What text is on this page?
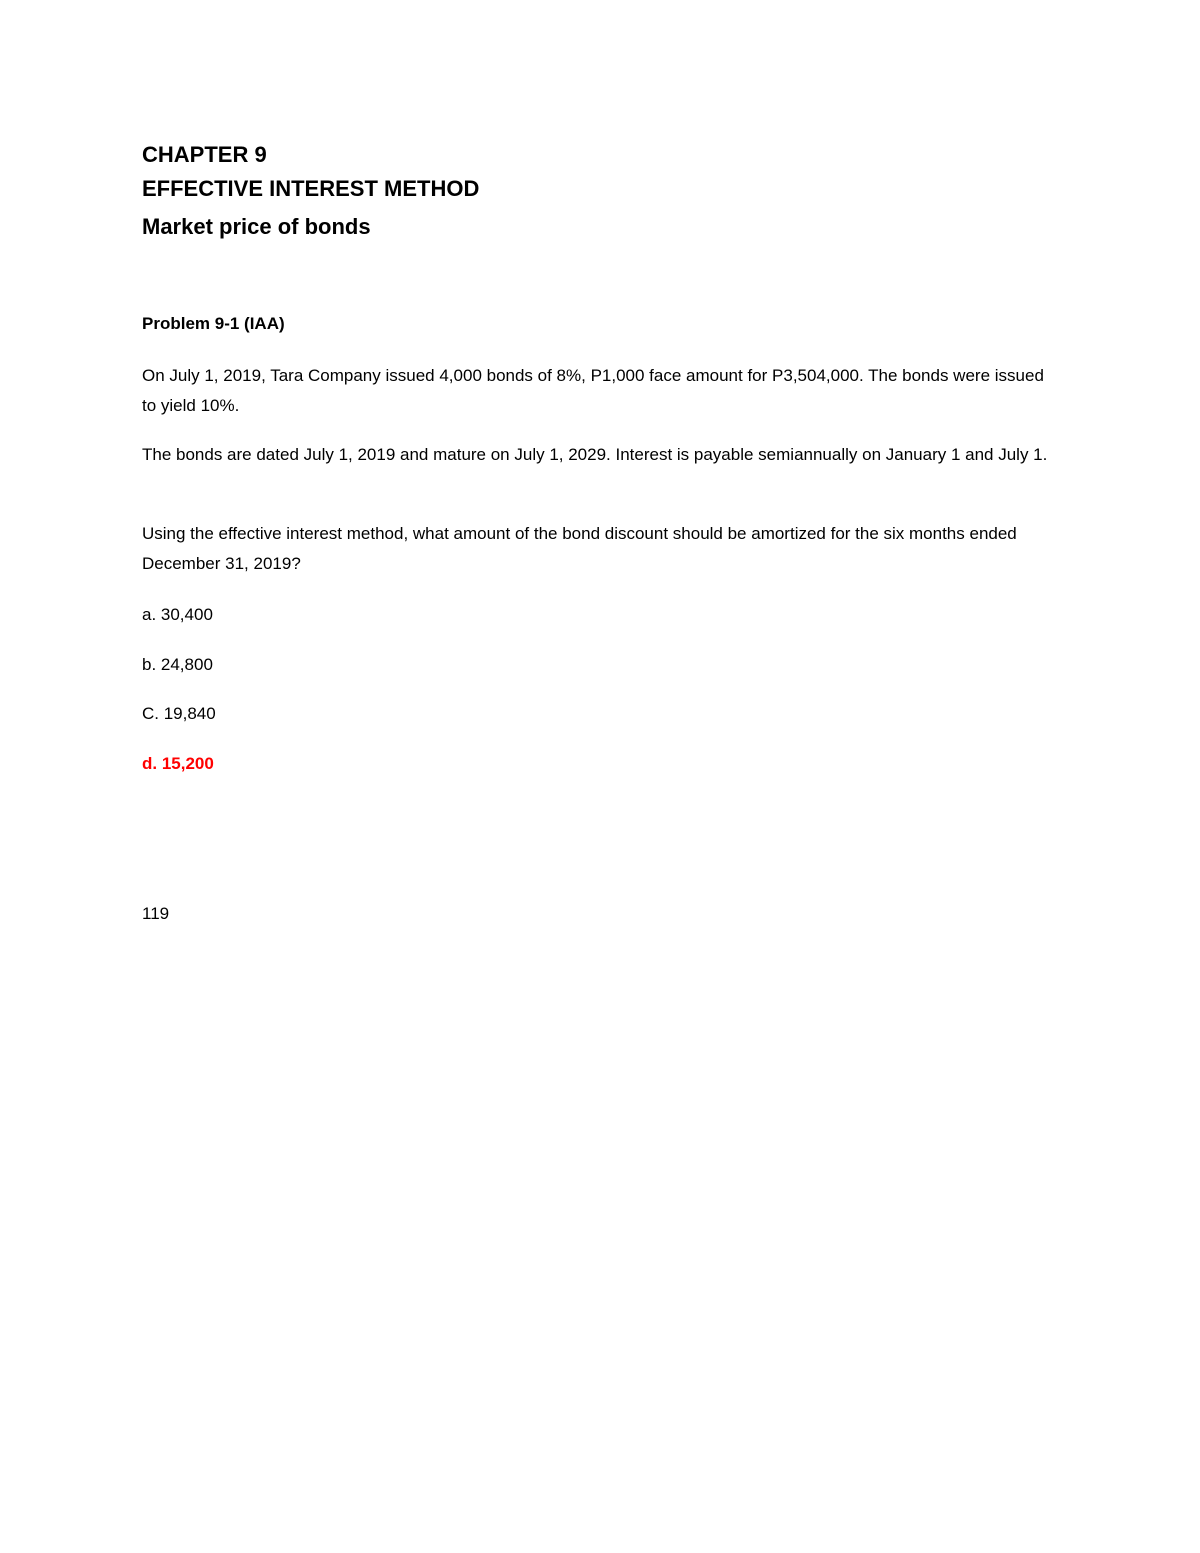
CHAPTER 9
EFFECTIVE INTEREST METHOD
Market price of bonds
Problem 9-1 (IAA)

On July 1, 2019, Tara Company issued 4,000 bonds of 8%, P1,000 face amount for P3,504,000. The bonds were issued to yield 10%.

The bonds are dated July 1, 2019 and mature on July 1, 2029. Interest is payable semiannually on January 1 and July 1.

Using the effective interest method, what amount of the bond discount should be amortized for the six months ended December 31, 2019?

a. 30,400
b. 24,800
C. 19,840
d. 15,200
119
